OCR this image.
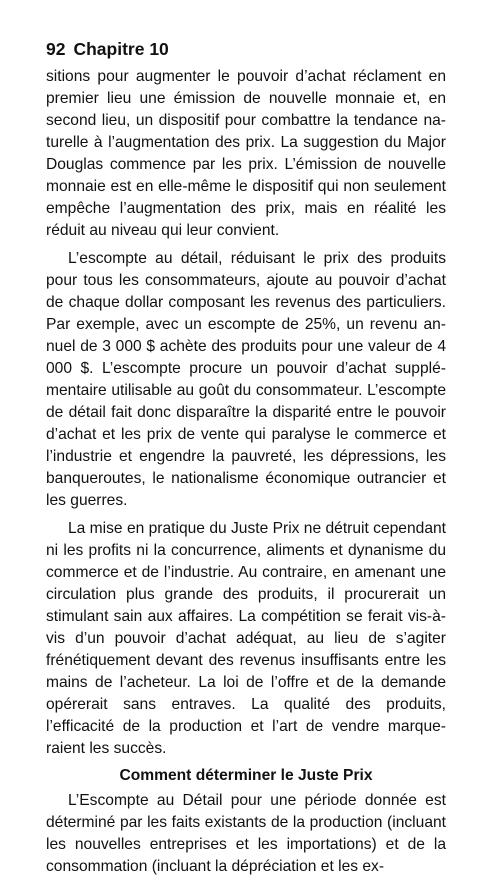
92 Chapitre 10

sitions pour augmenter le pouvoir d’achat réclament en premier lieu une émission de nouvelle monnaie et, en second lieu, un dispositif pour combattre la tendance naturelle à l’augmentation des prix. La suggestion du Major Douglas commence par les prix. L’émission de nouvelle monnaie est en elle-même le dispositif qui non seulement empêche l’augmentation des prix, mais en réalité les réduit au niveau qui leur convient.

L’escompte au détail, réduisant le prix des produits pour tous les consommateurs, ajoute au pouvoir d’achat de chaque dollar composant les revenus des particuliers. Par exemple, avec un escompte de 25%, un revenu annuel de 3 000 $ achète des produits pour une valeur de 4 000 $. L’escompte procure un pouvoir d’achat supplémentaire utilisable au goût du consommateur. L’escompte de détail fait donc disparaître la disparité entre le pouvoir d’achat et les prix de vente qui paralyse le commerce et l’industrie et engendre la pauvreté, les dépressions, les banqueroutes, le nationalisme économique outrancier et les guerres.

La mise en pratique du Juste Prix ne détruit cependant ni les profits ni la concurrence, aliments et dynanisme du commerce et de l’industrie. Au contraire, en amenant une circulation plus grande des produits, il procurerait un stimulant sain aux affaires. La compétition se ferait vis-à-vis d’un pouvoir d’achat adéquat, au lieu de s’agiter frénétiquement devant des revenus insuffisants entre les mains de l’acheteur. La loi de l’offre et de la demande opérerait sans entraves. La qualité des produits, l’efficacité de la production et l’art de vendre marqueraient les succès.

Comment déterminer le Juste Prix

L’Escompte au Détail pour une période donnée est déterminé par les faits existants de la production (incluant les nouvelles entreprises et les importations) et de la consommation (incluant la dépréciation et les ex-
